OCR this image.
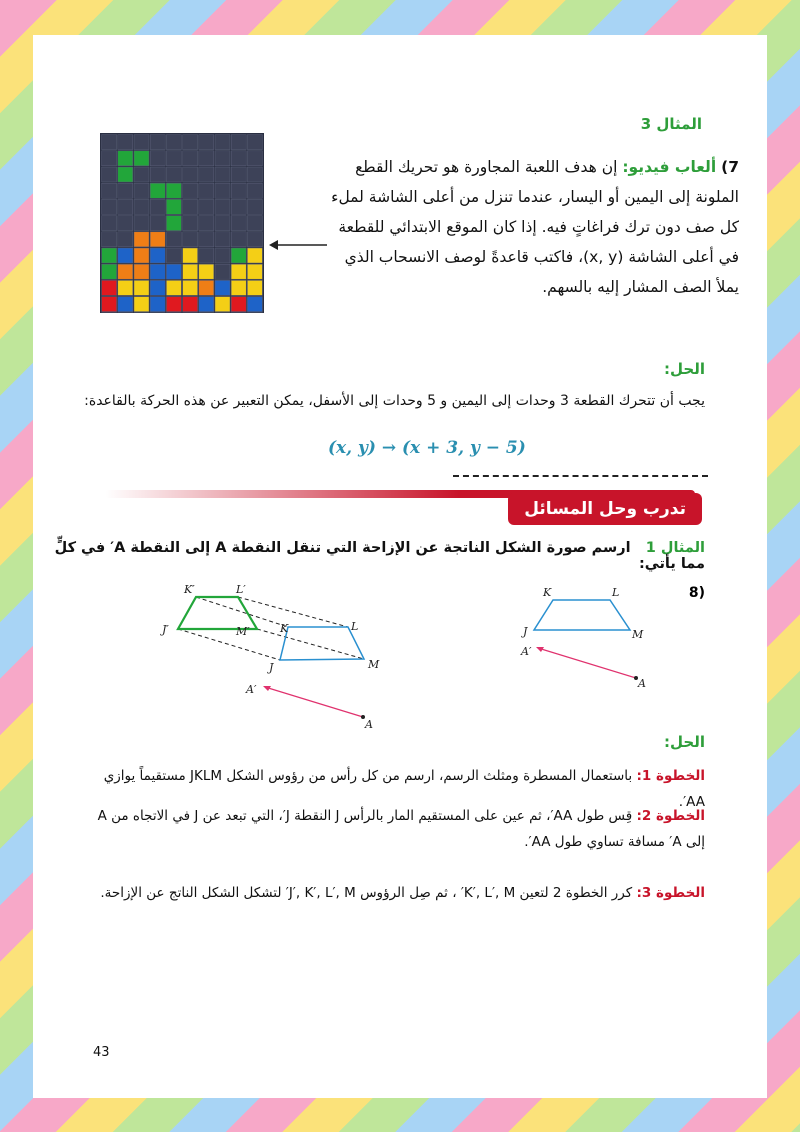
المثال 3
7) ألعاب فيديو: إن هدف اللعبة المجاورة هو تحريك القطع الملونة إلى اليمين أو اليسار، عندما تنزل من أعلى الشاشة لملء كل صف دون ترك فراغاتٍ فيه. إذا كان الموقع الابتدائي للقطعة في أعلى الشاشة (x, y)، فاكتب قاعدةً لوصف الانسحاب الذي يملأ الصف المشار إليه بالسهم.
الحل:
يجب أن تتحرك القطعة 3 وحدات إلى اليمين و 5 وحدات إلى الأسفل، يمكن التعبير عن هذه الحركة بالقاعدة:
(x, y) → (x + 3, y − 5)
تدرب وحل المسائل
المثال 1   ارسم صورة الشكل الناتجة عن الإزاحة التي تنقل النقطة A إلى النقطة A′ في كلٍّ مما يأتي:
(8
K	L
J	M
A′
A
K′	L′
J′	M′	K	L
J	M
A′
A
الحل:
الخطوة 1: باستعمال المسطرة ومثلث الرسم، ارسم من كل رأس من رؤوس الشكل JKLM مستقيماً يوازي AA′.
الخطوة 2: قِس طول AA′، ثم عين على المستقيم المار بالرأس J النقطة J′، التي تبعد عن J في الاتجاه من A إلى A′ مسافة تساوي طول AA′.
الخطوة 3: كرر الخطوة 2 لتعين K′, L′, M′ ، ثم صِل الرؤوس J′, K′, L′, M′ لتشكل الشكل الناتج عن الإزاحة.
43
